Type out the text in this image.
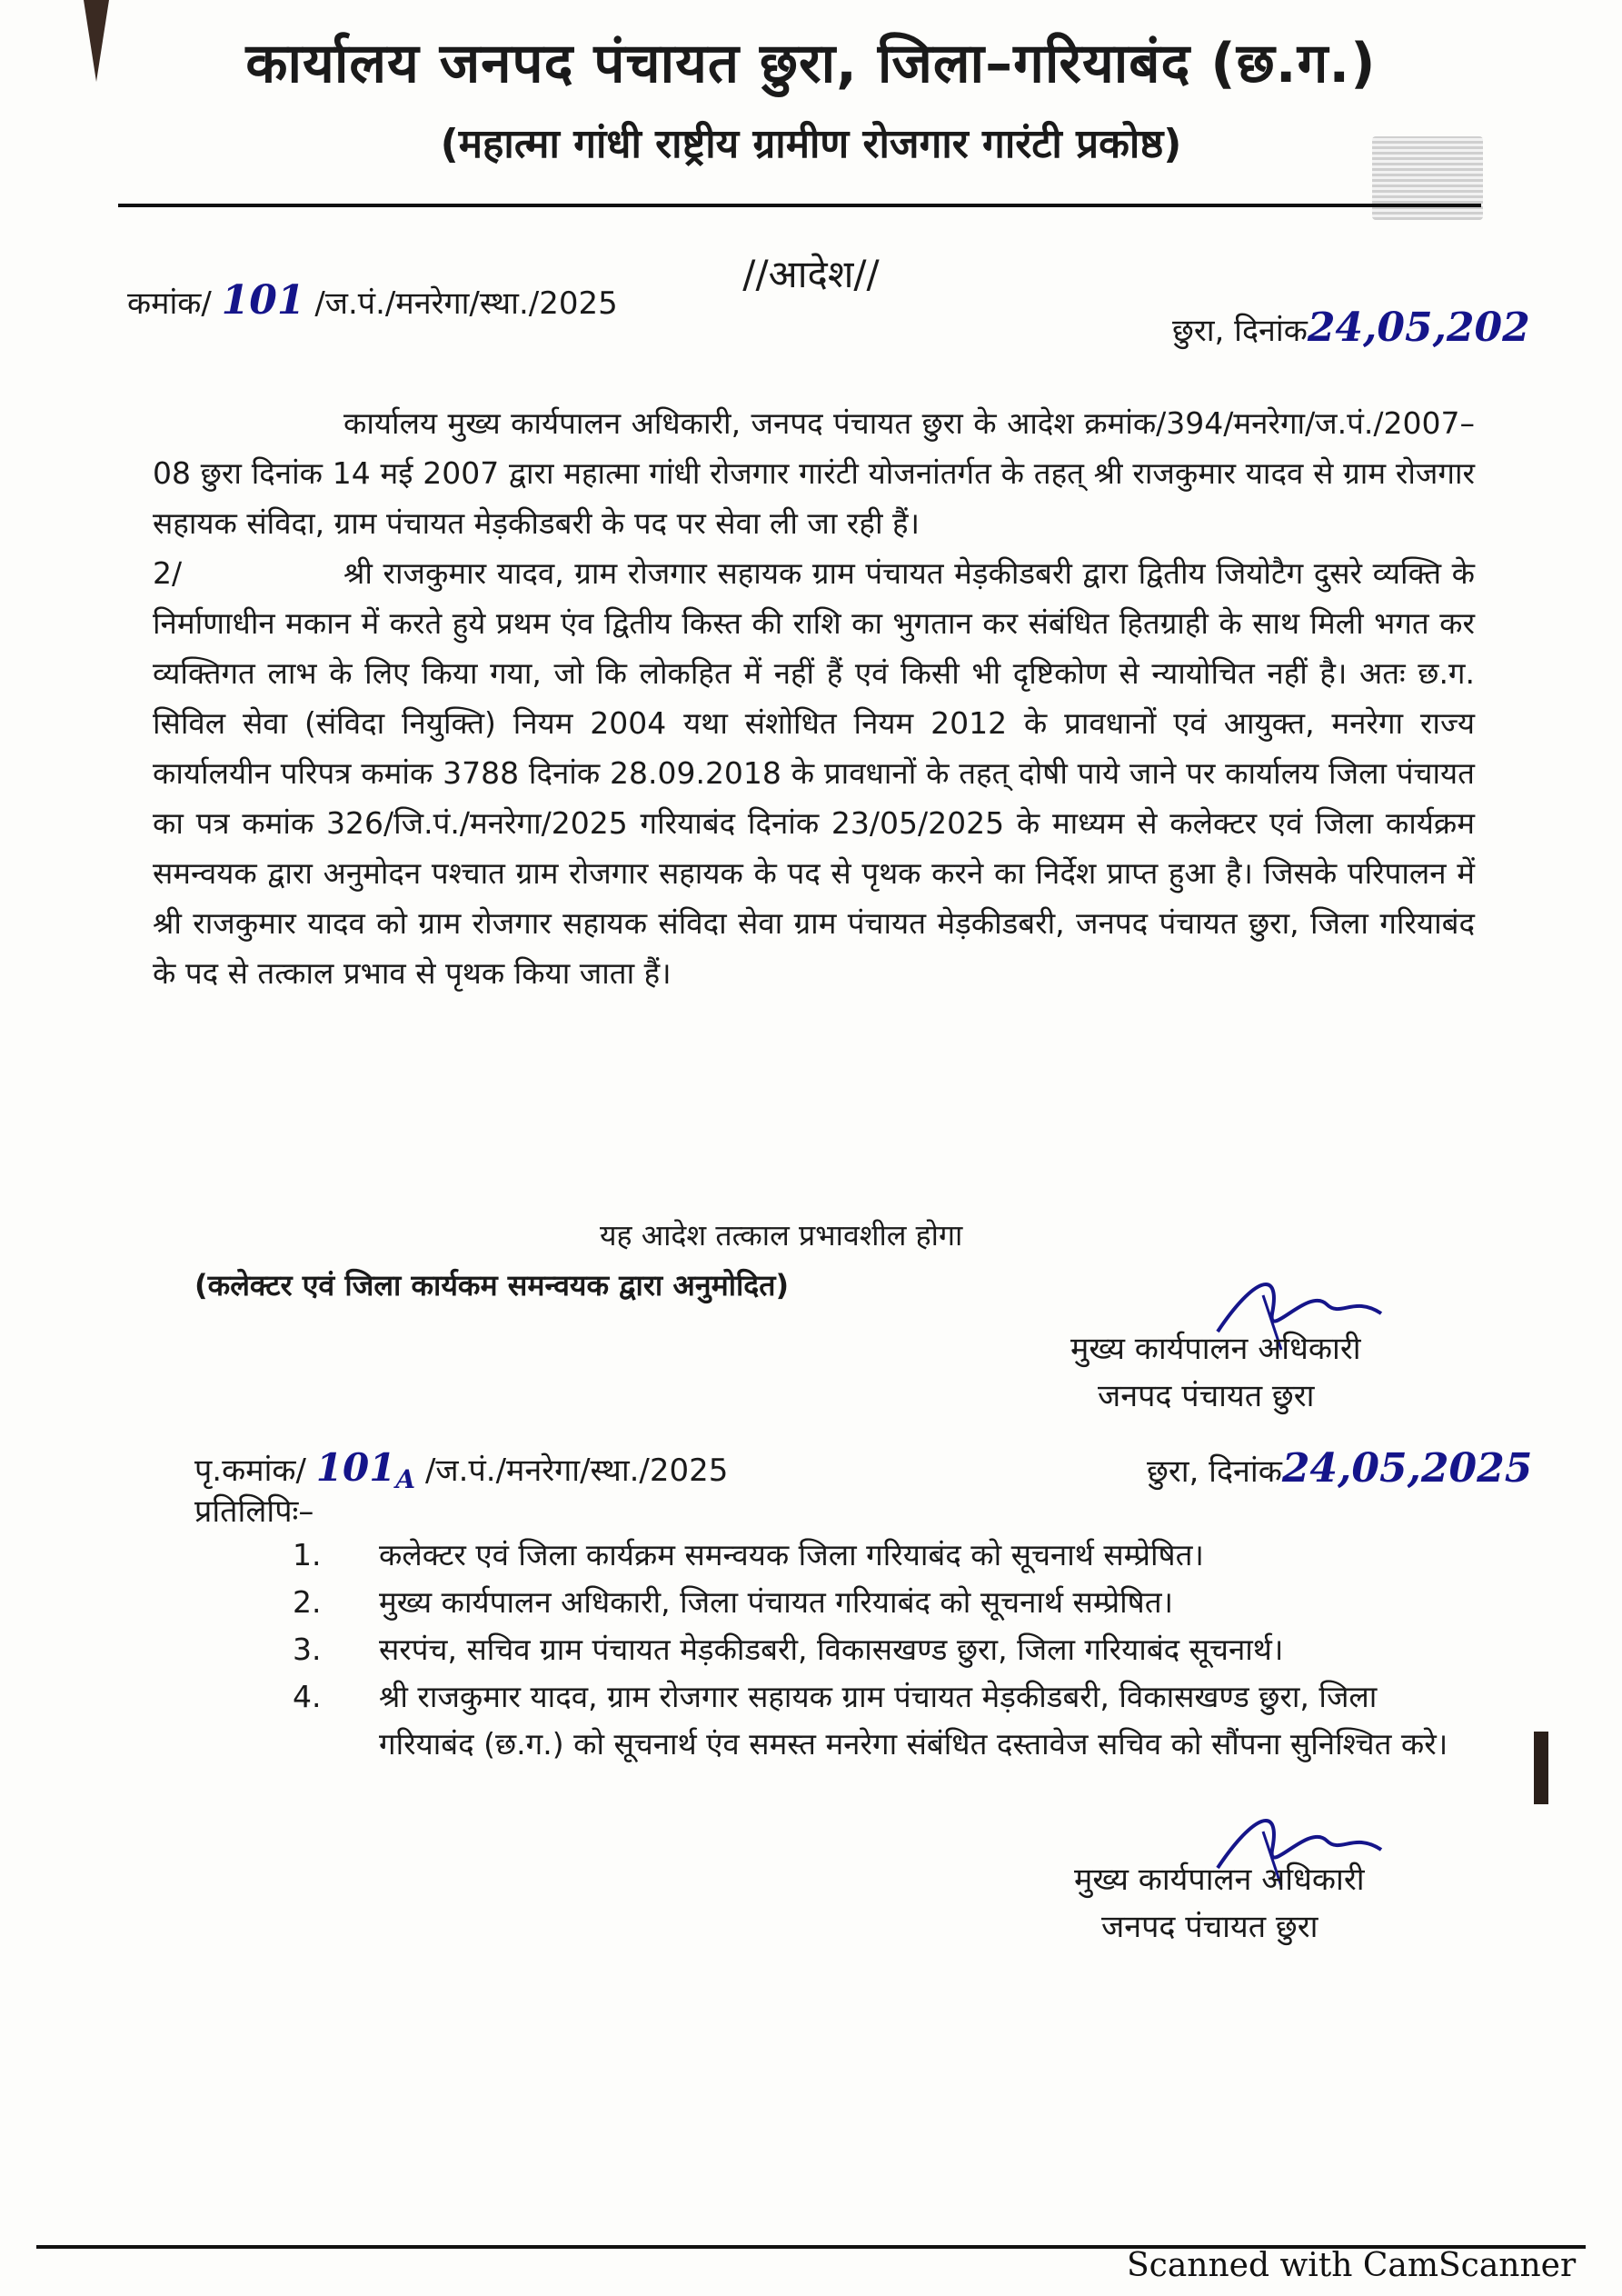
कार्यालय जनपद पंचायत छुरा, जिला–गरियाबंद (छ.ग.)
(महात्मा गांधी राष्ट्रीय ग्रामीण रोजगार गारंटी प्रकोष्ठ)
//आदेश//
कमांक/ 101 /ज.पं./मनरेगा/स्था./2025
छुरा, दिनांक24,05,202

कार्यालय मुख्य कार्यपालन अधिकारी, जनपद पंचायत छुरा के आदेश क्रमांक/394/मनरेगा/ज.पं./2007–08 छुरा दिनांक 14 मई 2007 द्वारा महात्मा गांधी रोजगार गारंटी योजनांतर्गत के तहत् श्री राजकुमार यादव से ग्राम रोजगार सहायक संविदा, ग्राम पंचायत मेड़कीडबरी के पद पर सेवा ली जा रही हैं।

2/	श्री राजकुमार यादव, ग्राम रोजगार सहायक ग्राम पंचायत मेड़कीडबरी द्वारा द्वितीय जियोटैग दुसरे व्यक्ति के निर्माणाधीन मकान में करते हुये प्रथम एंव द्वितीय किस्त की राशि का भुगतान कर संबंधित हितग्राही के साथ मिली भगत कर व्यक्तिगत लाभ के लिए किया गया, जो कि लोकहित में नहीं हैं एवं किसी भी दृष्टिकोण से न्यायोचित नहीं है। अतः छ.ग. सिविल सेवा (संविदा नियुक्ति) नियम 2004 यथा संशोधित नियम 2012 के प्रावधानों एवं आयुक्त, मनरेगा राज्य कार्यालयीन परिपत्र कमांक 3788 दिनांक 28.09.2018 के प्रावधानों के तहत् दोषी पाये जाने पर कार्यालय जिला पंचायत का पत्र कमांक 326/जि.पं./मनरेगा/2025 गरियाबंद दिनांक 23/05/2025 के माध्यम से कलेक्टर एवं जिला कार्यक्रम समन्वयक द्वारा अनुमोदन पश्चात ग्राम रोजगार सहायक के पद से पृथक करने का निर्देश प्राप्त हुआ है। जिसके परिपालन में श्री राजकुमार यादव को ग्राम रोजगार सहायक संविदा सेवा ग्राम पंचायत मेड़कीडबरी, जनपद पंचायत छुरा, जिला गरियाबंद के पद से तत्काल प्रभाव से पृथक किया जाता हैं।

यह आदेश तत्काल प्रभावशील होगा
(कलेक्टर एवं जिला कार्यकम समन्वयक द्वारा अनुमोदित)
मुख्य कार्यपालन अधिकारी
जनपद पंचायत छुरा
पृ.कमांक/ $101_A$ /ज.पं./मनरेगा/स्था./2025	छुरा, दिनांक24,05,2025
प्रतिलिपिः–
1.	कलेक्टर एवं जिला कार्यक्रम समन्वयक जिला गरियाबंद को सूचनार्थ सम्प्रेषित।
2.	मुख्य कार्यपालन अधिकारी, जिला पंचायत गरियाबंद को सूचनार्थ सम्प्रेषित।
3.	सरपंच, सचिव ग्राम पंचायत मेड़कीडबरी, विकासखण्ड छुरा, जिला गरियाबंद सूचनार्थ।
4.	श्री राजकुमार यादव, ग्राम रोजगार सहायक ग्राम पंचायत मेड़कीडबरी, विकासखण्ड छुरा, जिला गरियाबंद (छ.ग.) को सूचनार्थ एंव समस्त मनरेगा संबंधित दस्तावेज सचिव को सौंपना सुनिश्चित करे।
मुख्य कार्यपालन अधिकारी
जनपद पंचायत छुरा
Scanned with CamScanner
